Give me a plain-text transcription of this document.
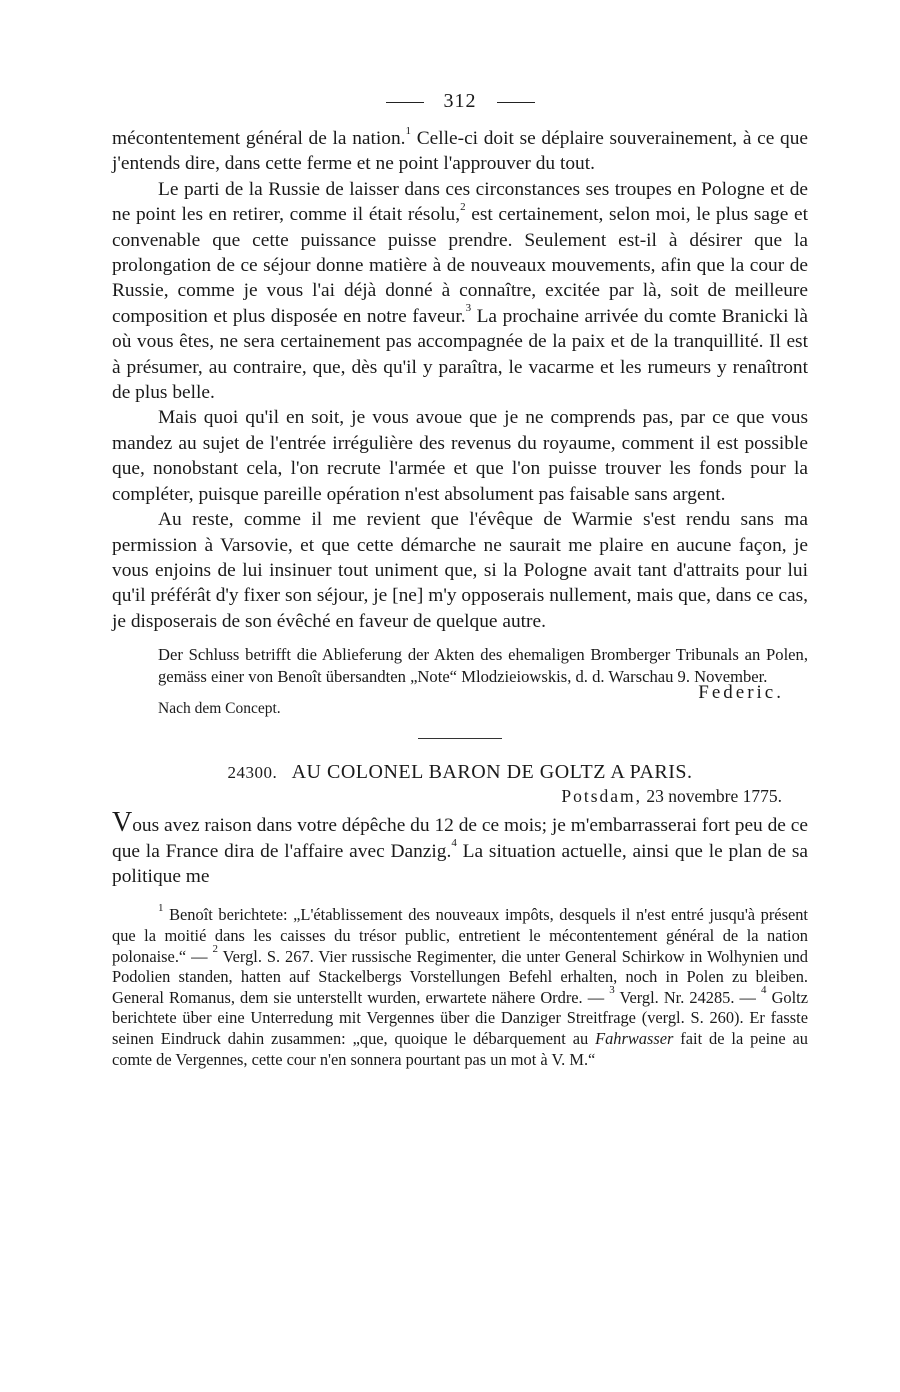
312

mécontentement général de la nation.$^1$ Celle-ci doit se déplaire souverainement, à ce que j'entends dire, dans cette ferme et ne point l'approuver du tout.

Le parti de la Russie de laisser dans ces circonstances ses troupes en Pologne et de ne point les en retirer, comme il était résolu,$^2$ est certainement, selon moi, le plus sage et convenable que cette puissance puisse prendre. Seulement est-il à désirer que la prolongation de ce séjour donne matière à de nouveaux mouvements, afin que la cour de Russie, comme je vous l'ai déjà donné à connaître, excitée par là, soit de meilleure composition et plus disposée en notre faveur.$^3$ La prochaine arrivée du comte Branicki là où vous êtes, ne sera certainement pas accompagnée de la paix et de la tranquillité. Il est à présumer, au contraire, que, dès qu'il y paraîtra, le vacarme et les rumeurs y renaîtront de plus belle.

Mais quoi qu'il en soit, je vous avoue que je ne comprends pas, par ce que vous mandez au sujet de l'entrée irrégulière des revenus du royaume, comment il est possible que, nonobstant cela, l'on recrute l'armée et que l'on puisse trouver les fonds pour la compléter, puisque pareille opération n'est absolument pas faisable sans argent.

Au reste, comme il me revient que l'évêque de Warmie s'est rendu sans ma permission à Varsovie, et que cette démarche ne saurait me plaire en aucune façon, je vous enjoins de lui insinuer tout uniment que, si la Pologne avait tant d'attraits pour lui qu'il préférât d'y fixer son séjour, je [ne] m'y opposerais nullement, mais que, dans ce cas, je disposerais de son évêché en faveur de quelque autre.

Der Schluss betrifft die Ablieferung der Akten des ehemaligen Bromberger Tribunals an Polen, gemäss einer von Benoît übersandten „Note“ Mlodzieiowskis, d. d. Warschau 9. November.

Federic.
Nach dem Concept.
24300. AU COLONEL BARON DE GOLTZ A PARIS.
Potsdam, 23 novembre 1775.

Vous avez raison dans votre dépêche du 12 de ce mois; je m'embarrasserai fort peu de ce que la France dira de l'affaire avec Danzig.$^4$ La situation actuelle, ainsi que le plan de sa politique me

$^1$ Benoît berichtete: „L'établissement des nouveaux impôts, desquels il n'est entré jusqu'à présent que la moitié dans les caisses du trésor public, entretient le mécontentement général de la nation polonaise.“ — $^2$ Vergl. S. 267. Vier russische Regimenter, die unter General Schirkow in Wolhynien und Podolien standen, hatten auf Stackelbergs Vorstellungen Befehl erhalten, noch in Polen zu bleiben. General Romanus, dem sie unterstellt wurden, erwartete nähere Ordre. — $^3$ Vergl. Nr. 24285. — $^4$ Goltz berichtete über eine Unterredung mit Vergennes über die Danziger Streitfrage (vergl. S. 260). Er fasste seinen Eindruck dahin zusammen: „que, quoique le débarquement au Fahrwasser fait de la peine au comte de Vergennes, cette cour n'en sonnera pourtant pas un mot à V. M.“
